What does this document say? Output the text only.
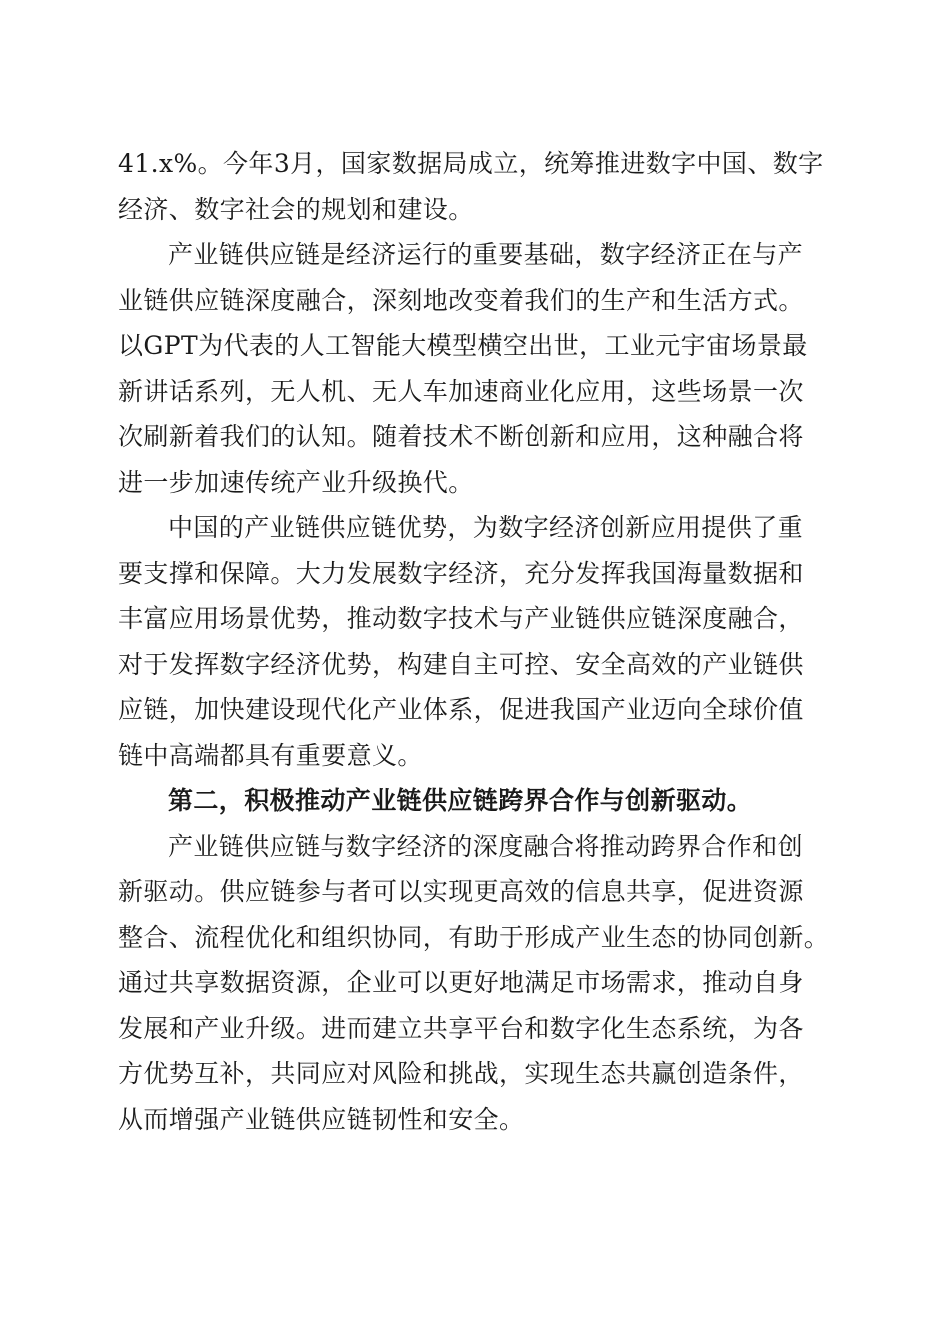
41.x%。今年3月，国家数据局成立，统筹推进数字中国、数字
经济、数字社会的规划和建设。
产业链供应链是经济运行的重要基础，数字经济正在与产
业链供应链深度融合，深刻地改变着我们的生产和生活方式。
以GPT为代表的人工智能大模型横空出世，工业元宇宙场景最
新讲话系列，无人机、无人车加速商业化应用，这些场景一次
次刷新着我们的认知。随着技术不断创新和应用，这种融合将
进一步加速传统产业升级换代。
中国的产业链供应链优势，为数字经济创新应用提供了重
要支撑和保障。大力发展数字经济，充分发挥我国海量数据和
丰富应用场景优势，推动数字技术与产业链供应链深度融合，
对于发挥数字经济优势，构建自主可控、安全高效的产业链供
应链，加快建设现代化产业体系，促进我国产业迈向全球价值
链中高端都具有重要意义。
第二，积极推动产业链供应链跨界合作与创新驱动。
产业链供应链与数字经济的深度融合将推动跨界合作和创
新驱动。供应链参与者可以实现更高效的信息共享，促进资源
整合、流程优化和组织协同，有助于形成产业生态的协同创新。
通过共享数据资源，企业可以更好地满足市场需求，推动自身
发展和产业升级。进而建立共享平台和数字化生态系统，为各
方优势互补，共同应对风险和挑战，实现生态共赢创造条件，
从而增强产业链供应链韧性和安全。
